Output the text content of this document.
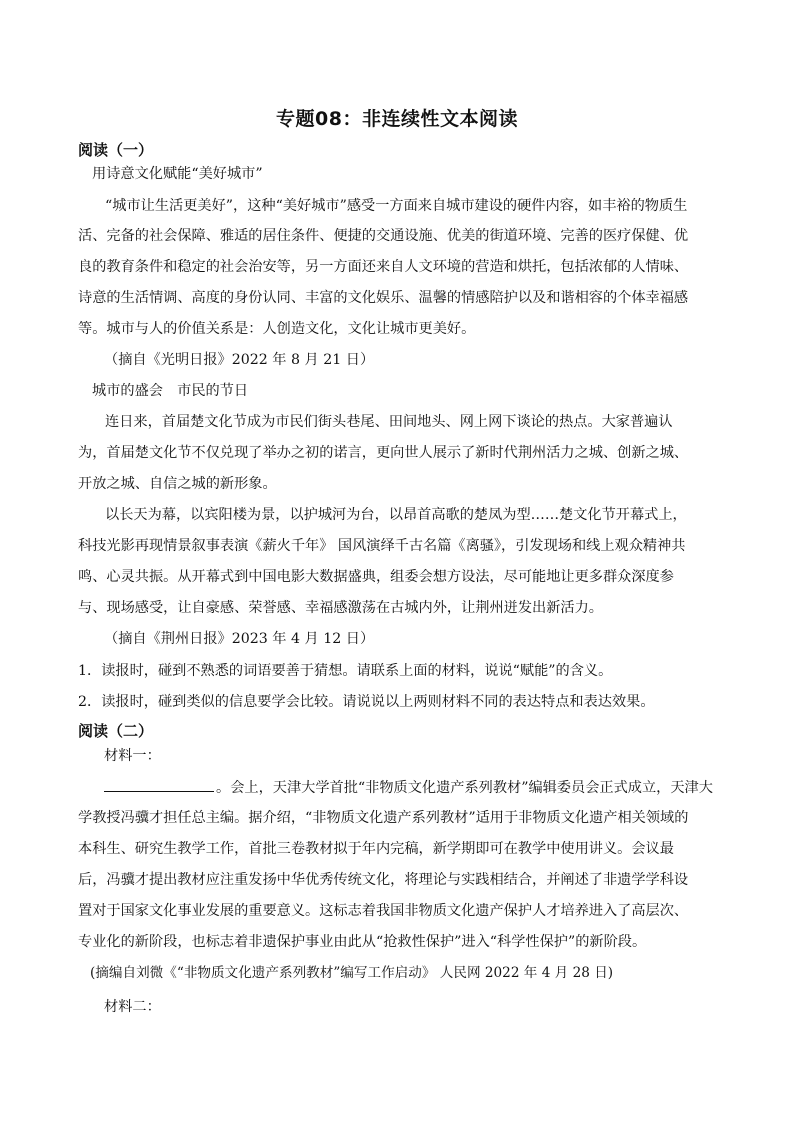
专题08：非连续性文本阅读
阅读（一）
用诗意文化赋能“美好城市”
“城市让生活更美好”，这种“美好城市”感受一方面来自城市建设的硬件内容，如丰裕的物质生
活、完备的社会保障、雅适的居住条件、便捷的交通设施、优美的街道环境、完善的医疗保健、优
良的教育条件和稳定的社会治安等，另一方面还来自人文环境的营造和烘托，包括浓郁的人情味、
诗意的生活情调、高度的身份认同、丰富的文化娱乐、温馨的情感陪护以及和谐相容的个体幸福感
等。城市与人的价值关系是：人创造文化，文化让城市更美好。
（摘自《光明日报》2022 年 8 月 21 日）
城市的盛会　市民的节日
连日来，首届楚文化节成为市民们街头巷尾、田间地头、网上网下谈论的热点。大家普遍认
为，首届楚文化节不仅兑现了举办之初的诺言，更向世人展示了新时代荆州活力之城、创新之城、
开放之城、自信之城的新形象。
以长天为幕，以宾阳楼为景，以护城河为台，以昂首高歌的楚凤为型……楚文化节开幕式上，
科技光影再现情景叙事表演《薪火千年》 国风演绎千古名篇《离骚》，引发现场和线上观众精神共
鸣、心灵共振。从开幕式到中国电影大数据盛典，组委会想方设法，尽可能地让更多群众深度参
与、现场感受，让自豪感、荣誉感、幸福感激荡在古城内外，让荆州迸发出新活力。
（摘自《荆州日报》2023 年 4 月 12 日）
1．读报时，碰到不熟悉的词语要善于猜想。请联系上面的材料，说说“赋能”的含义。
2．读报时，碰到类似的信息要学会比较。请说说以上两则材料不同的表达特点和表达效果。
阅读（二）
材料一：
。会上，天津大学首批“非物质文化遗产系列教材”编辑委员会正式成立，天津大
学教授冯骥才担任总主编。据介绍，“非物质文化遗产系列教材”适用于非物质文化遗产相关领域的
本科生、研究生教学工作，首批三卷教材拟于年内完稿，新学期即可在教学中使用讲义。会议最
后，冯骥才提出教材应注重发扬中华优秀传统文化，将理论与实践相结合，并阐述了非遗学学科设
置对于国家文化事业发展的重要意义。这标志着我国非物质文化遗产保护人才培养进入了高层次、
专业化的新阶段，也标志着非遗保护事业由此从“抢救性保护”进入“科学性保护”的新阶段。
(摘编自刘微《“非物质文化遗产系列教材”编写工作启动》 人民网 2022 年 4 月 28 日)
材料二：
